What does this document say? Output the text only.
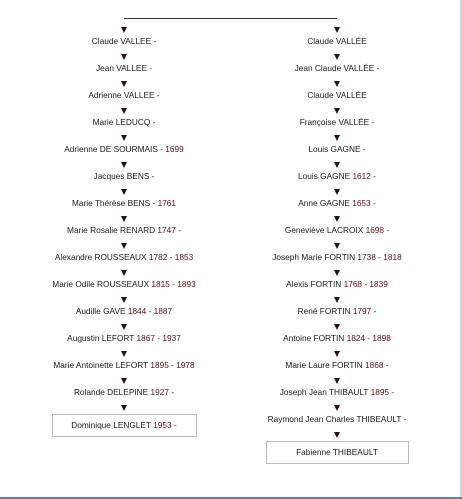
Claude VALLEE -
Jean VALLEE -
Adrienne VALLEE -
Marie LEDUCQ -
Adrienne DE SOURMAIS - 1699
Jacques BENS -
Marie Thérèse BENS - 1761
Marie Rosalie RENARD 1747 -
Alexandre ROUSSEAUX 1782 - 1853
Marie Odile ROUSSEAUX 1815 - 1893
Audille GAVE 1844 - 1887
Augustin LEFORT 1867 - 1937
Marie Antoinette LEFORT 1895 - 1978
Rolande DELEPINE 1927 -
Dominique LENGLET 1953 -
Claude VALLÉE
Jean Claude VALLÉE -
Claude VALLÉE
Françoise VALLÉE -
Louis GAGNE -
Louis GAGNE 1612 -
Anne GAGNE 1653 -
Geneviève LACROIX 1698 -
Joseph Marie FORTIN 1738 - 1818
Alexis FORTIN 1768 - 1839
René FORTIN 1797 -
Antoine FORTIN 1824 - 1898
Marie Laure FORTIN 1868 -
Joseph Jean THIBAULT 1895 -
Raymond Jean Charles THIBEAULT -
Fabienne THIBEAULT
